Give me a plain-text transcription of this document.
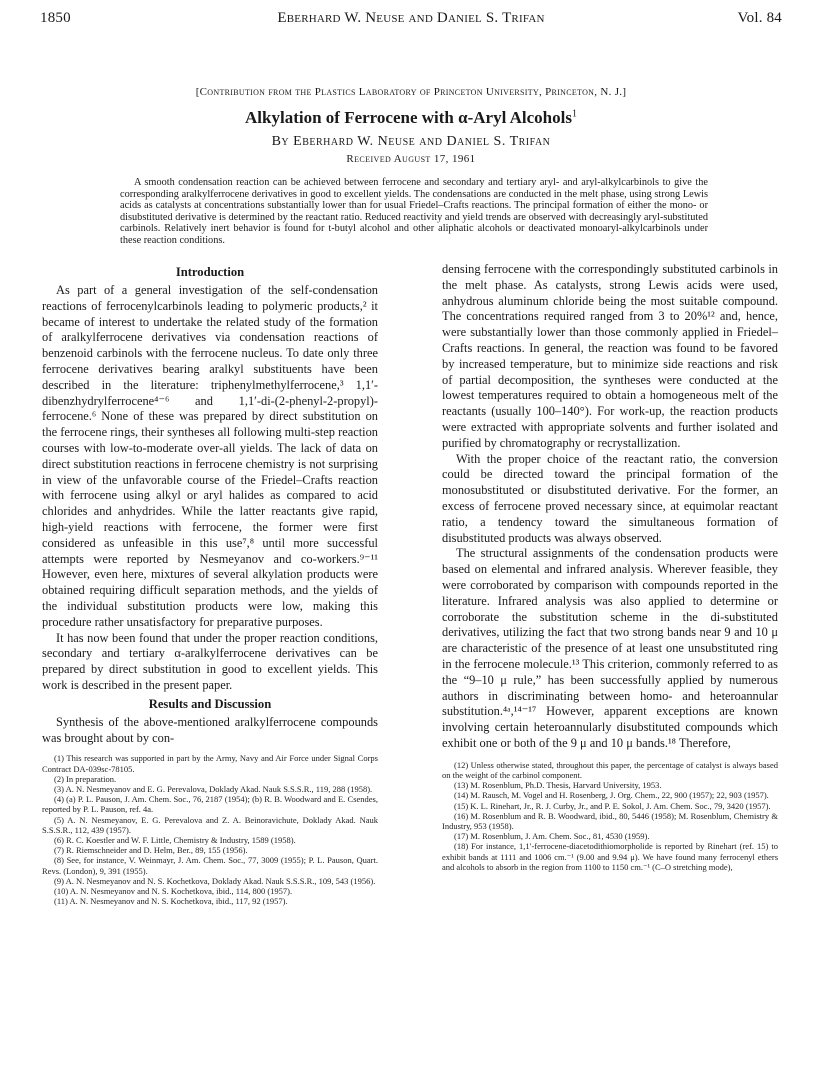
1850	Eberhard W. Neuse and Daniel S. Trifan	Vol. 84
[Contribution from the Plastics Laboratory of Princeton University, Princeton, N. J.]
Alkylation of Ferrocene with α-Aryl Alcohols$^1$
By Eberhard W. Neuse and Daniel S. Trifan
Received August 17, 1961

A smooth condensation reaction can be achieved between ferrocene and secondary and tertiary aryl- and aryl-alkylcarbinols to give the corresponding aralkylferrocene derivatives in good to excellent yields. The condensations are conducted in the melt phase, using strong Lewis acids as catalysts at concentrations substantially lower than for usual Friedel–Crafts reactions. The principal formation of either the mono- or disubstituted derivative is determined by the reactant ratio. Reduced reactivity and yield trends are observed with decreasingly aryl-substituted carbinols. Relatively inert behavior is found for t-butyl alcohol and other aliphatic alcohols or deactivated monoaryl-alkylcarbinols under these reaction conditions.

Introduction

As part of a general investigation of the self-condensation reactions of ferrocenylcarbinols leading to polymeric products,² it became of interest to undertake the related study of the formation of aralkylferrocene derivatives via condensation reactions of benzenoid carbinols with the ferrocene nucleus. To date only three ferrocene derivatives bearing aralkyl substituents have been described in the literature: triphenylmethylferrocene,³ 1,1′-dibenzhydrylferrocene⁴⁻⁶ and 1,1′-di-(2-phenyl-2-propyl)-ferrocene.⁶ None of these was prepared by direct substitution on the ferrocene rings, their syntheses all following multi-step reaction courses with low-to-moderate over-all yields. The lack of data on direct substitution reactions in ferrocene chemistry is not surprising in view of the unfavorable course of the Friedel–Crafts reaction with ferrocene using alkyl or aryl halides as compared to acid chlorides and anhydrides. While the latter reactants give rapid, high-yield reactions with ferrocene, the former were first considered as unfeasible in this use⁷,⁸ until more successful attempts were reported by Nesmeyanov and co-workers.⁹⁻¹¹ However, even here, mixtures of several alkylation products were obtained requiring difficult separation methods, and the yields of the individual substitution products were low, making this procedure rather unsatisfactory for preparative purposes.

It has now been found that under the proper reaction conditions, secondary and tertiary α-aralkylferrocene derivatives can be prepared by direct substitution in good to excellent yields. This work is described in the present paper.

Results and Discussion

Synthesis of the above-mentioned aralkylferrocene compounds was brought about by con-

(1) This research was supported in part by the Army, Navy and Air Force under Signal Corps Contract DA-039sc-78105.
(2) In preparation.
(3) A. N. Nesmeyanov and E. G. Perevalova, Doklady Akad. Nauk S.S.S.R., 119, 288 (1958).
(4) (a) P. L. Pauson, J. Am. Chem. Soc., 76, 2187 (1954); (b) R. B. Woodward and E. Csendes, reported by P. L. Pauson, ref. 4a.
(5) A. N. Nesmeyanov, E. G. Perevalova and Z. A. Beinoravichute, Doklady Akad. Nauk S.S.S.R., 112, 439 (1957).
(6) R. C. Koestler and W. F. Little, Chemistry & Industry, 1589 (1958).
(7) R. Riemschneider and D. Helm, Ber., 89, 155 (1956).
(8) See, for instance, V. Weinmayr, J. Am. Chem. Soc., 77, 3009 (1955); P. L. Pauson, Quart. Revs. (London), 9, 391 (1955).
(9) A. N. Nesmeyanov and N. S. Kochetkova, Doklady Akad. Nauk S.S.S.R., 109, 543 (1956).
(10) A. N. Nesmeyanov and N. S. Kochetkova, ibid., 114, 800 (1957).
(11) A. N. Nesmeyanov and N. S. Kochetkova, ibid., 117, 92 (1957).

densing ferrocene with the correspondingly substituted carbinols in the melt phase. As catalysts, strong Lewis acids were used, anhydrous aluminum chloride being the most suitable compound. The concentrations required ranged from 3 to 20%¹² and, hence, were substantially lower than those commonly applied in Friedel–Crafts reactions. In general, the reaction was found to be favored by increased temperature, but to minimize side reactions and risk of partial decomposition, the syntheses were conducted at the lowest temperatures required to obtain a homogeneous melt of the reactants (usually 100–140°). For work-up, the reaction products were extracted with appropriate solvents and further isolated and purified by chromatography or recrystallization.

With the proper choice of the reactant ratio, the conversion could be directed toward the principal formation of the monosubstituted or disubstituted derivative. For the former, an excess of ferrocene proved necessary since, at equimolar reactant ratio, a tendency toward the simultaneous formation of disubstituted products was always observed.

The structural assignments of the condensation products were based on elemental and infrared analysis. Wherever feasible, they were corroborated by comparison with compounds reported in the literature. Infrared analysis was also applied to determine or corroborate the substitution scheme in the di-substituted derivatives, utilizing the fact that two strong bands near 9 and 10 μ are characteristic of the presence of at least one unsubstituted ring in the ferrocene molecule.¹³ This criterion, commonly referred to as the “9–10 μ rule,” has been successfully applied by numerous authors in discriminating between homo- and heteroannular substitution.⁴ᵃ,¹⁴⁻¹⁷ However, apparent exceptions are known involving certain heteroannularly disubstituted compounds which exhibit one or both of the 9 μ and 10 μ bands.¹⁸ Therefore,

(12) Unless otherwise stated, throughout this paper, the percentage of catalyst is always based on the weight of the carbinol component.
(13) M. Rosenblum, Ph.D. Thesis, Harvard University, 1953.
(14) M. Rausch, M. Vogel and H. Rosenberg, J. Org. Chem., 22, 900 (1957); 22, 903 (1957).
(15) K. L. Rinehart, Jr., R. J. Curby, Jr., and P. E. Sokol, J. Am. Chem. Soc., 79, 3420 (1957).
(16) M. Rosenblum and R. B. Woodward, ibid., 80, 5446 (1958); M. Rosenblum, Chemistry & Industry, 953 (1958).
(17) M. Rosenblum, J. Am. Chem. Soc., 81, 4530 (1959).
(18) For instance, 1,1′-ferrocene-diacetodithiomorpholide is reported by Rinehart (ref. 15) to exhibit bands at 1111 and 1006 cm.⁻¹ (9.00 and 9.94 μ). We have found many ferrocenyl ethers and alcohols to absorb in the region from 1100 to 1150 cm.⁻¹ (C–O stretching mode),
